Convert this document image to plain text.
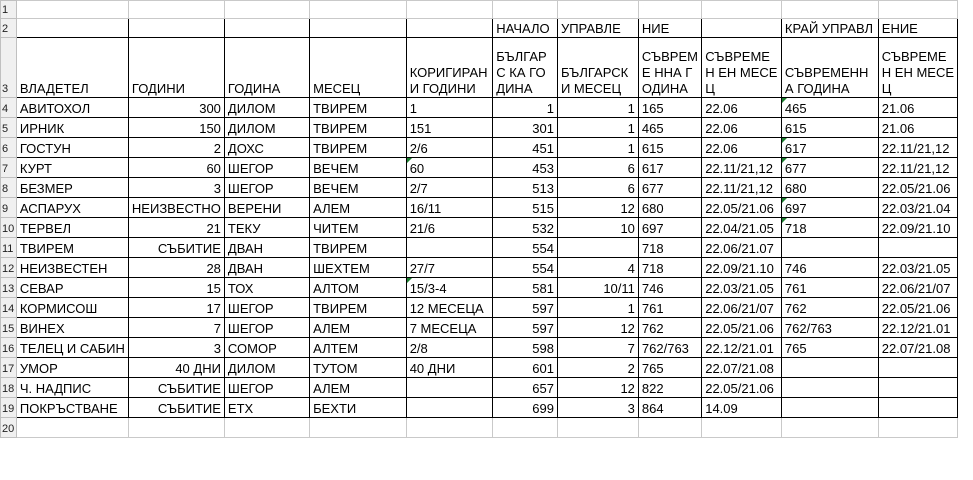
1												
2						НАЧАЛО	УПРАВЛЕ	НИЕ		КРАЙ УПРАВЛ	ЕНИЕ	
3	ВЛАДЕТЕЛ	ГОДИНИ	ГОДИНА	МЕСЕЦ	КОРИГИРАН И ГОДИНИ	БЪЛГАРС КА ГОДИНА	БЪЛГАРСКИ МЕСЕЦ	СЪВРЕМЕ ННА ГОДИНА	СЪВРЕМЕН ЕН МЕСЕЦ	СЪВРЕМЕННА ГОДИНА	СЪВРЕМЕН ЕН МЕСЕЦ	
4	АВИТОХОЛ	300	ДИЛОМ	ТВИРЕМ	1	1	1	165	22.06	465	21.06	
5	ИРНИК	150	ДИЛОМ	ТВИРЕМ	151	301	1	465	22.06	615	21.06	
6	ГОСТУН	2	ДОХС	ТВИРЕМ	2/6	451	1	615	22.06	617	22.11/21,12	
7	КУРТ	60	ШЕГОР	ВЕЧЕМ	60	453	6	617	22.11/21,12	677	22.11/21,12	
8	БЕЗМЕР	3	ШЕГОР	ВЕЧЕМ	2/7	513	6	677	22.11/21,12	680	22.05/21.06	
9	АСПАРУХ	НЕИЗВЕСТНО	ВЕРЕНИ	АЛЕМ	16/11	515	12	680	22.05/21.06	697	22.03/21.04	
10	ТЕРВЕЛ	21	ТЕКУ	ЧИТЕМ	21/6	532	10	697	22.04/21.05	718	22.09/21.10	
11	ТВИРЕМ	СЪБИТИЕ	ДВАН	ТВИРЕМ		554		718	22.06/21.07			
12	НЕИЗВЕСТЕН	28	ДВАН	ШЕХТЕМ	27/7	554	4	718	22.09/21.10	746	22.03/21.05	
13	СЕВАР	15	ТОХ	АЛТОМ	15/3-4	581	10/11	746	22.03/21.05	761	22.06/21/07	
14	КОРМИСОШ	17	ШЕГОР	ТВИРЕМ	12 МЕСЕЦА	597	1	761	22.06/21/07	762	22.05/21.06	
15	ВИНЕХ	7	ШЕГОР	АЛЕМ	7 МЕСЕЦА	597	12	762	22.05/21.06	762/763	22.12/21.01	
16	ТЕЛЕЦ И САБИН	3	СОМОР	АЛТЕМ	2/8	598	7	762/763	22.12/21.01	765	22.07/21.08	
17	УМОР	40 ДНИ	ДИЛОМ	ТУТОМ	40 ДНИ	601	2	765	22.07/21.08			
18	Ч. НАДПИС	СЪБИТИЕ	ШЕГОР	АЛЕМ		657	12	822	22.05/21.06			
19	ПОКРЪСТВАНЕ	СЪБИТИЕ	ЕТХ	БЕХТИ		699	3	864	14.09			
20												
